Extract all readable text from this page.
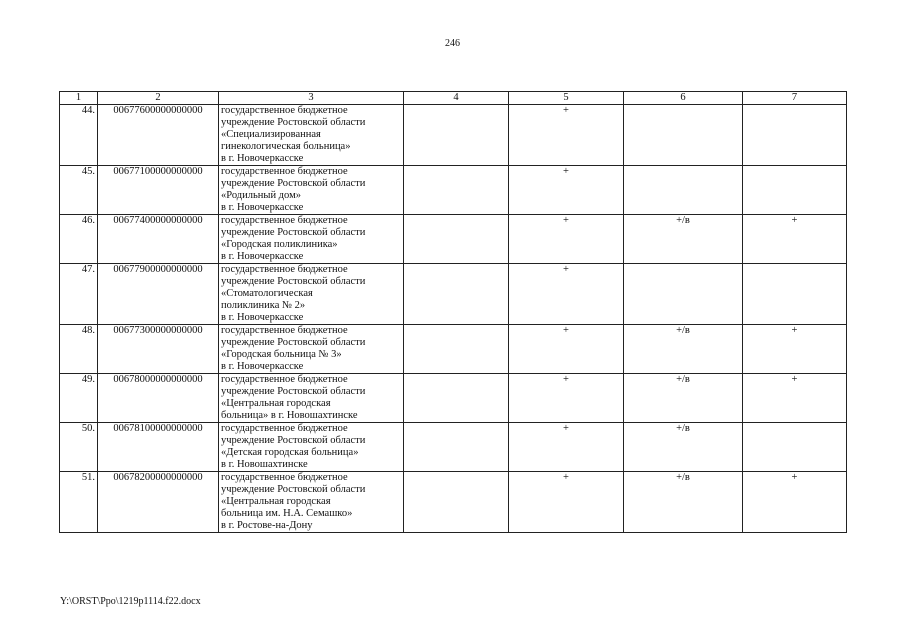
246
1	2	3	4	5	6	7
44.	00677600000000000	государственное бюджетное
учреждение Ростовской области
«Специализированная
гинекологическая больница»
в г. Новочеркасске		+		
45.	00677100000000000	государственное бюджетное
учреждение Ростовской области
«Родильный дом»
в г. Новочеркасске		+		
46.	00677400000000000	государственное бюджетное
учреждение Ростовской области
«Городская поликлиника»
в г. Новочеркасске		+	+/в	+
47.	00677900000000000	государственное бюджетное
учреждение Ростовской области
«Стоматологическая
поликлиника № 2»
в г. Новочеркасске		+		
48.	00677300000000000	государственное бюджетное
учреждение Ростовской области
«Городская больница № 3»
в г. Новочеркасске		+	+/в	+
49.	00678000000000000	государственное бюджетное
учреждение Ростовской области
«Центральная городская
больница» в г. Новошахтинске		+	+/в	+
50.	00678100000000000	государственное бюджетное
учреждение Ростовской области
«Детская городская больница»
в г. Новошахтинске		+	+/в	
51.	00678200000000000	государственное бюджетное
учреждение Ростовской области
«Центральная городская
больница им. Н.А. Семашко»
в г. Ростове-на-Дону		+	+/в	+
Y:\ORST\Ppo\1219p1114.f22.docx
